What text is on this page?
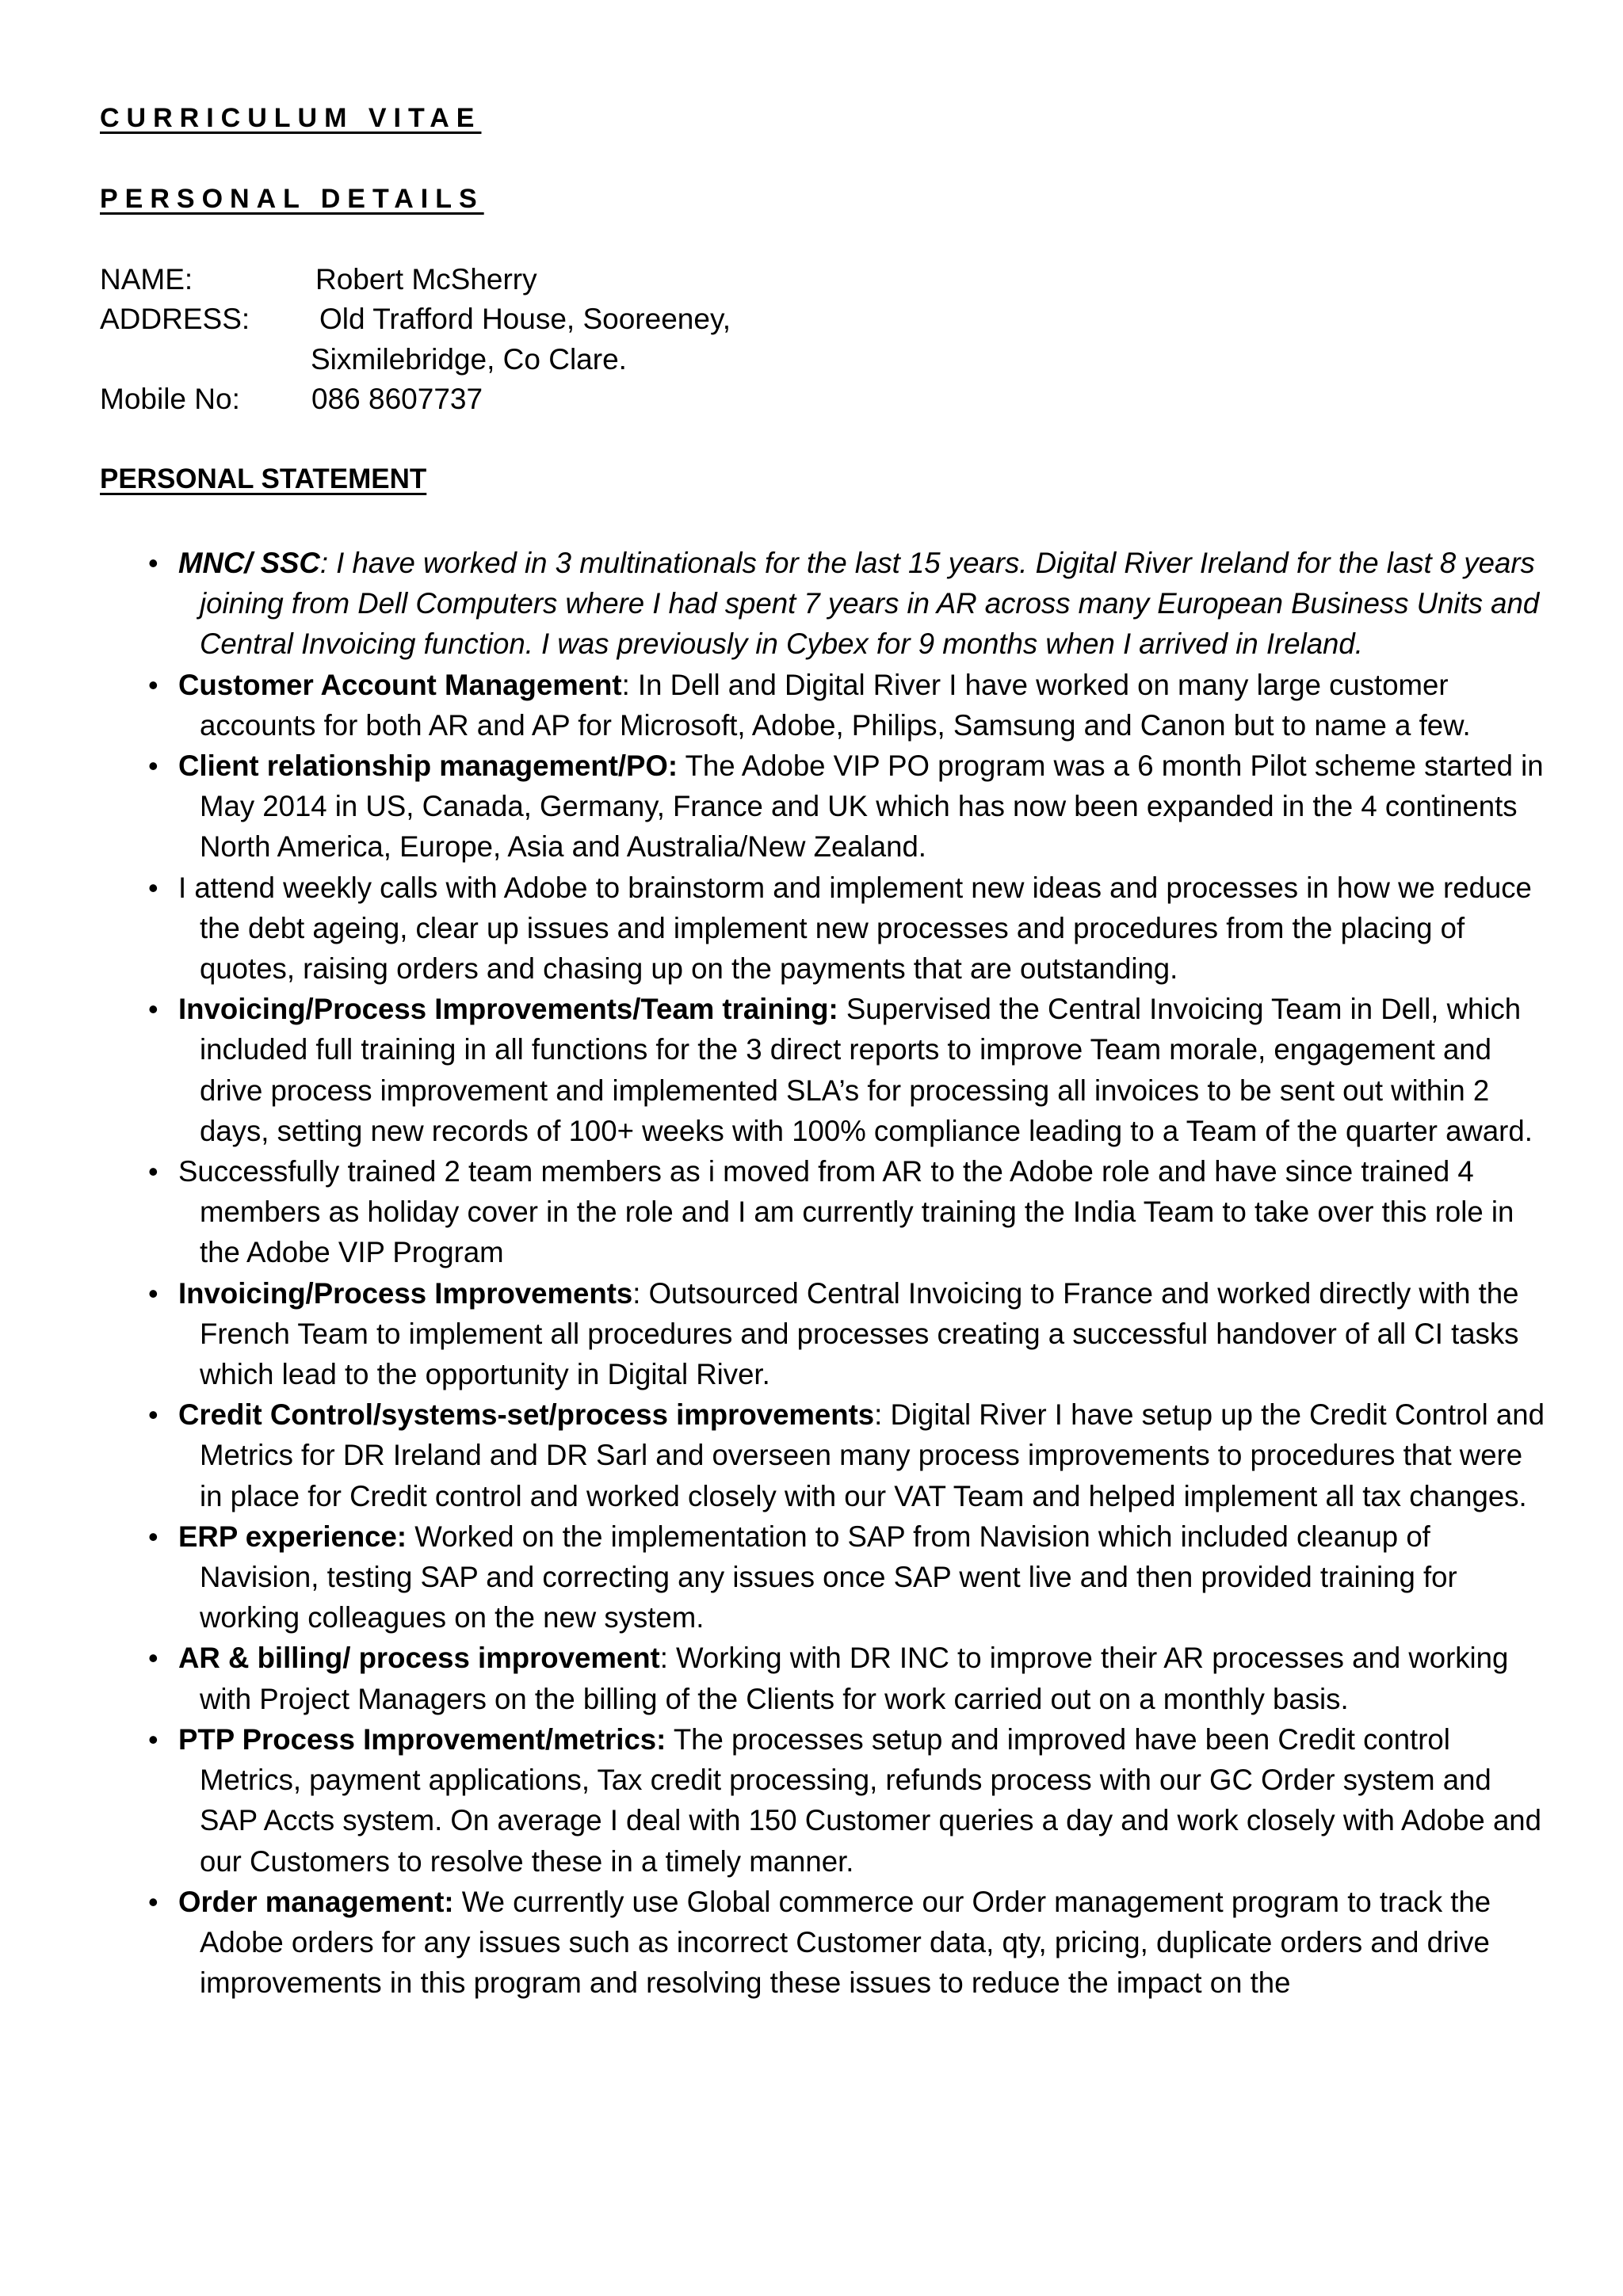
CURRICULUM VITAE
PERSONAL DETAILS
NAME:	Robert McSherry
ADDRESS: Old Trafford House, Sooreeney,
Sixmilebridge, Co Clare.
Mobile No: 086 8607737
PERSONAL STATEMENT
• MNC/ SSC: I have worked in 3 multinationals for the last 15 years. Digital River Ireland for the last 8 years joining from Dell Computers where I had spent 7 years in AR across many European Business Units and Central Invoicing function. I was previously in Cybex for 9 months when I arrived in Ireland.
• Customer Account Management: In Dell and Digital River I have worked on many large customer accounts for both AR and AP for Microsoft, Adobe, Philips, Samsung and Canon but to name a few.
• Client relationship management/PO: The Adobe VIP PO program was a 6 month Pilot scheme started in May 2014 in US, Canada, Germany, France and UK which has now been expanded in the 4 continents North America, Europe, Asia and Australia/New Zealand.
• I attend weekly calls with Adobe to brainstorm and implement new ideas and processes in how we reduce the debt ageing, clear up issues and implement new processes and procedures from the placing of quotes, raising orders and chasing up on the payments that are outstanding.
• Invoicing/Process Improvements/Team training: Supervised the Central Invoicing Team in Dell, which included full training in all functions for the 3 direct reports to improve Team morale, engagement and drive process improvement and implemented SLA’s for processing all invoices to be sent out within 2 days, setting new records of 100+ weeks with 100% compliance leading to a Team of the quarter award.
• Successfully trained 2 team members as i moved from AR to the Adobe role and have since trained 4 members as holiday cover in the role and I am currently training the India Team to take over this role in the Adobe VIP Program
• Invoicing/Process Improvements: Outsourced Central Invoicing to France and worked directly with the French Team to implement all procedures and processes creating a successful handover of all CI tasks which lead to the opportunity in Digital River.
• Credit Control/systems-set/process improvements: Digital River I have setup up the Credit Control and Metrics for DR Ireland and DR Sarl and overseen many process improvements to procedures that were in place for Credit control and worked closely with our VAT Team and helped implement all tax changes.
• ERP experience: Worked on the implementation to SAP from Navision which included cleanup of Navision, testing SAP and correcting any issues once SAP went live and then provided training for working colleagues on the new system.
• AR & billing/ process improvement: Working with DR INC to improve their AR processes and working with Project Managers on the billing of the Clients for work carried out on a monthly basis.
• PTP Process Improvement/metrics: The processes setup and improved have been Credit control Metrics, payment applications, Tax credit processing, refunds process with our GC Order system and SAP Accts system. On average I deal with 150 Customer queries a day and work closely with Adobe and our Customers to resolve these in a timely manner.
• Order management: We currently use Global commerce our Order management program to track the Adobe orders for any issues such as incorrect Customer data, qty, pricing, duplicate orders and drive improvements in this program and resolving these issues to reduce the impact on the
